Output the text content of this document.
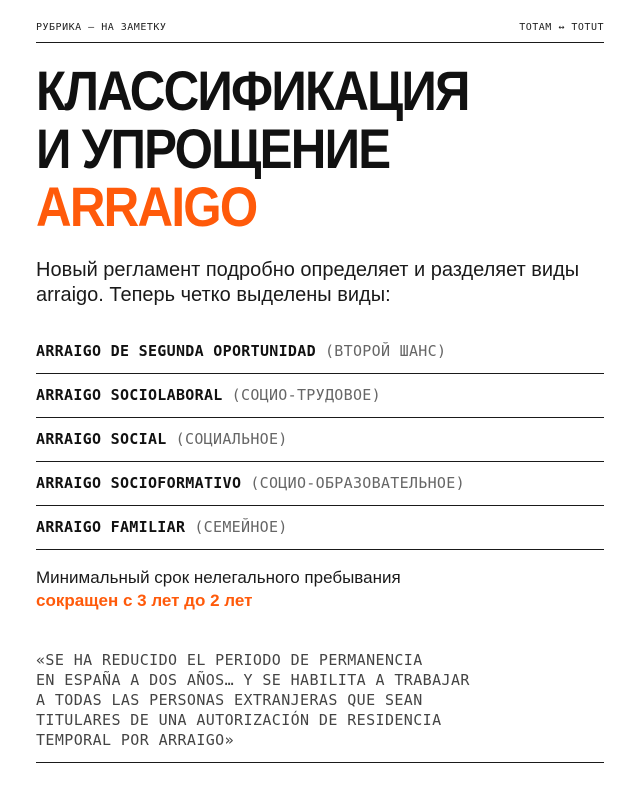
РУБРИКА — НА ЗАМЕТКУ	TOTAM ↔ TOTUT
КЛАССИФИКАЦИЯ
И УПРОЩЕНИЕ
ARRAIGO
Новый регламент подробно определяет и разделяет виды arraigo. Теперь четко выделены виды:
ARRAIGO DE SEGUNDA OPORTUNIDAD (ВТОРОЙ ШАНС)
ARRAIGO SOCIOLABORAL (СОЦИО-ТРУДОВОЕ)
ARRAIGO SOCIAL (СОЦИАЛЬНОЕ)
ARRAIGO SOCIOFORMATIVO (СОЦИО-ОБРАЗОВАТЕЛЬНОЕ)
ARRAIGO FAMILIAR (СЕМЕЙНОЕ)
Минимальный срок нелегального пребывания
сокращен с 3 лет до 2 лет
«SE HA REDUCIDO EL PERIODO DE PERMANENCIA
EN ESPAÑA A DOS AÑOS… Y SE HABILITA A TRABAJAR
A TODAS LAS PERSONAS EXTRANJERAS QUE SEAN
TITULARES DE UNA AUTORIZACIÓN DE RESIDENCIA
TEMPORAL POR ARRAIGO»
